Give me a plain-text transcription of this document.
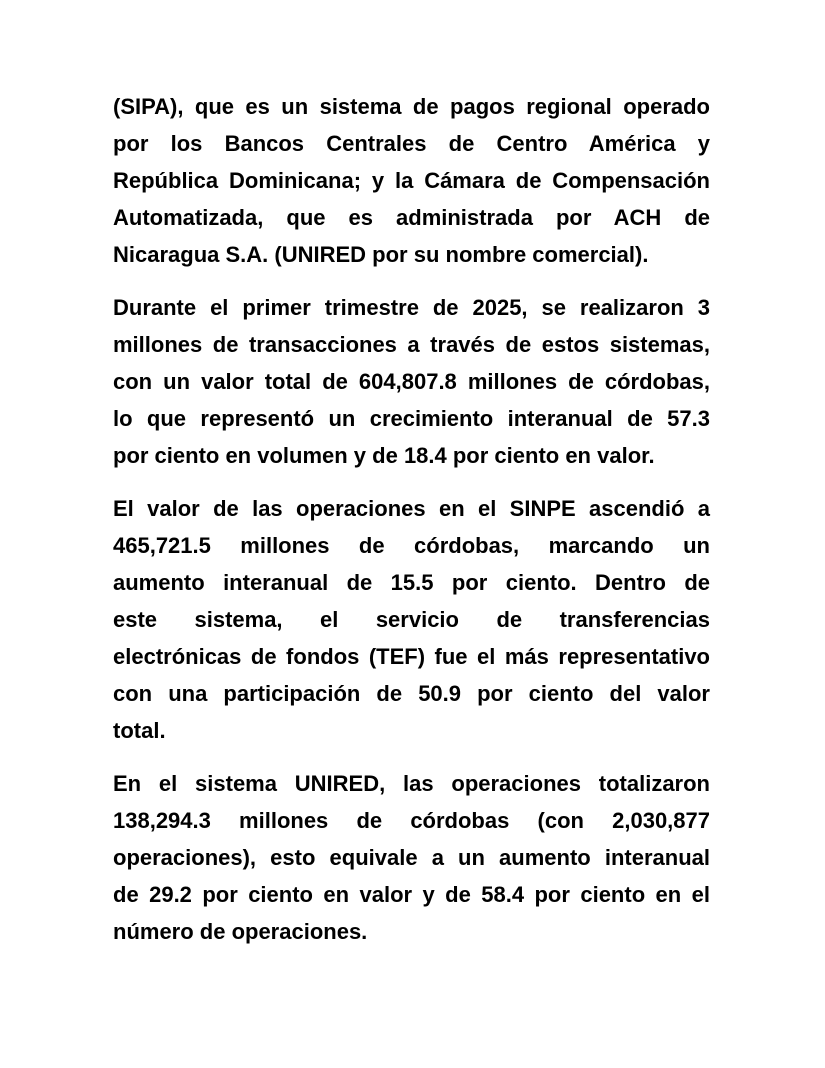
(SIPA), que es un sistema de pagos regional operado
por los Bancos Centrales de Centro América y
República Dominicana; y la Cámara de Compensación
Automatizada, que es administrada por ACH de
Nicaragua S.A. (UNIRED por su nombre comercial).
Durante el primer trimestre de 2025, se realizaron 3
millones de transacciones a través de estos sistemas,
con un valor total de 604,807.8 millones de córdobas,
lo que representó un crecimiento interanual de 57.3
por ciento en volumen y de 18.4 por ciento en valor.
El valor de las operaciones en el SINPE ascendió a
465,721.5 millones de córdobas, marcando un
aumento interanual de 15.5 por ciento. Dentro de
este sistema, el servicio de transferencias
electrónicas de fondos (TEF) fue el más representativo
con una participación de 50.9 por ciento del valor
total.
En el sistema UNIRED, las operaciones totalizaron
138,294.3 millones de córdobas (con 2,030,877
operaciones), esto equivale a un aumento interanual
de 29.2 por ciento en valor y de 58.4 por ciento en el
número de operaciones.
